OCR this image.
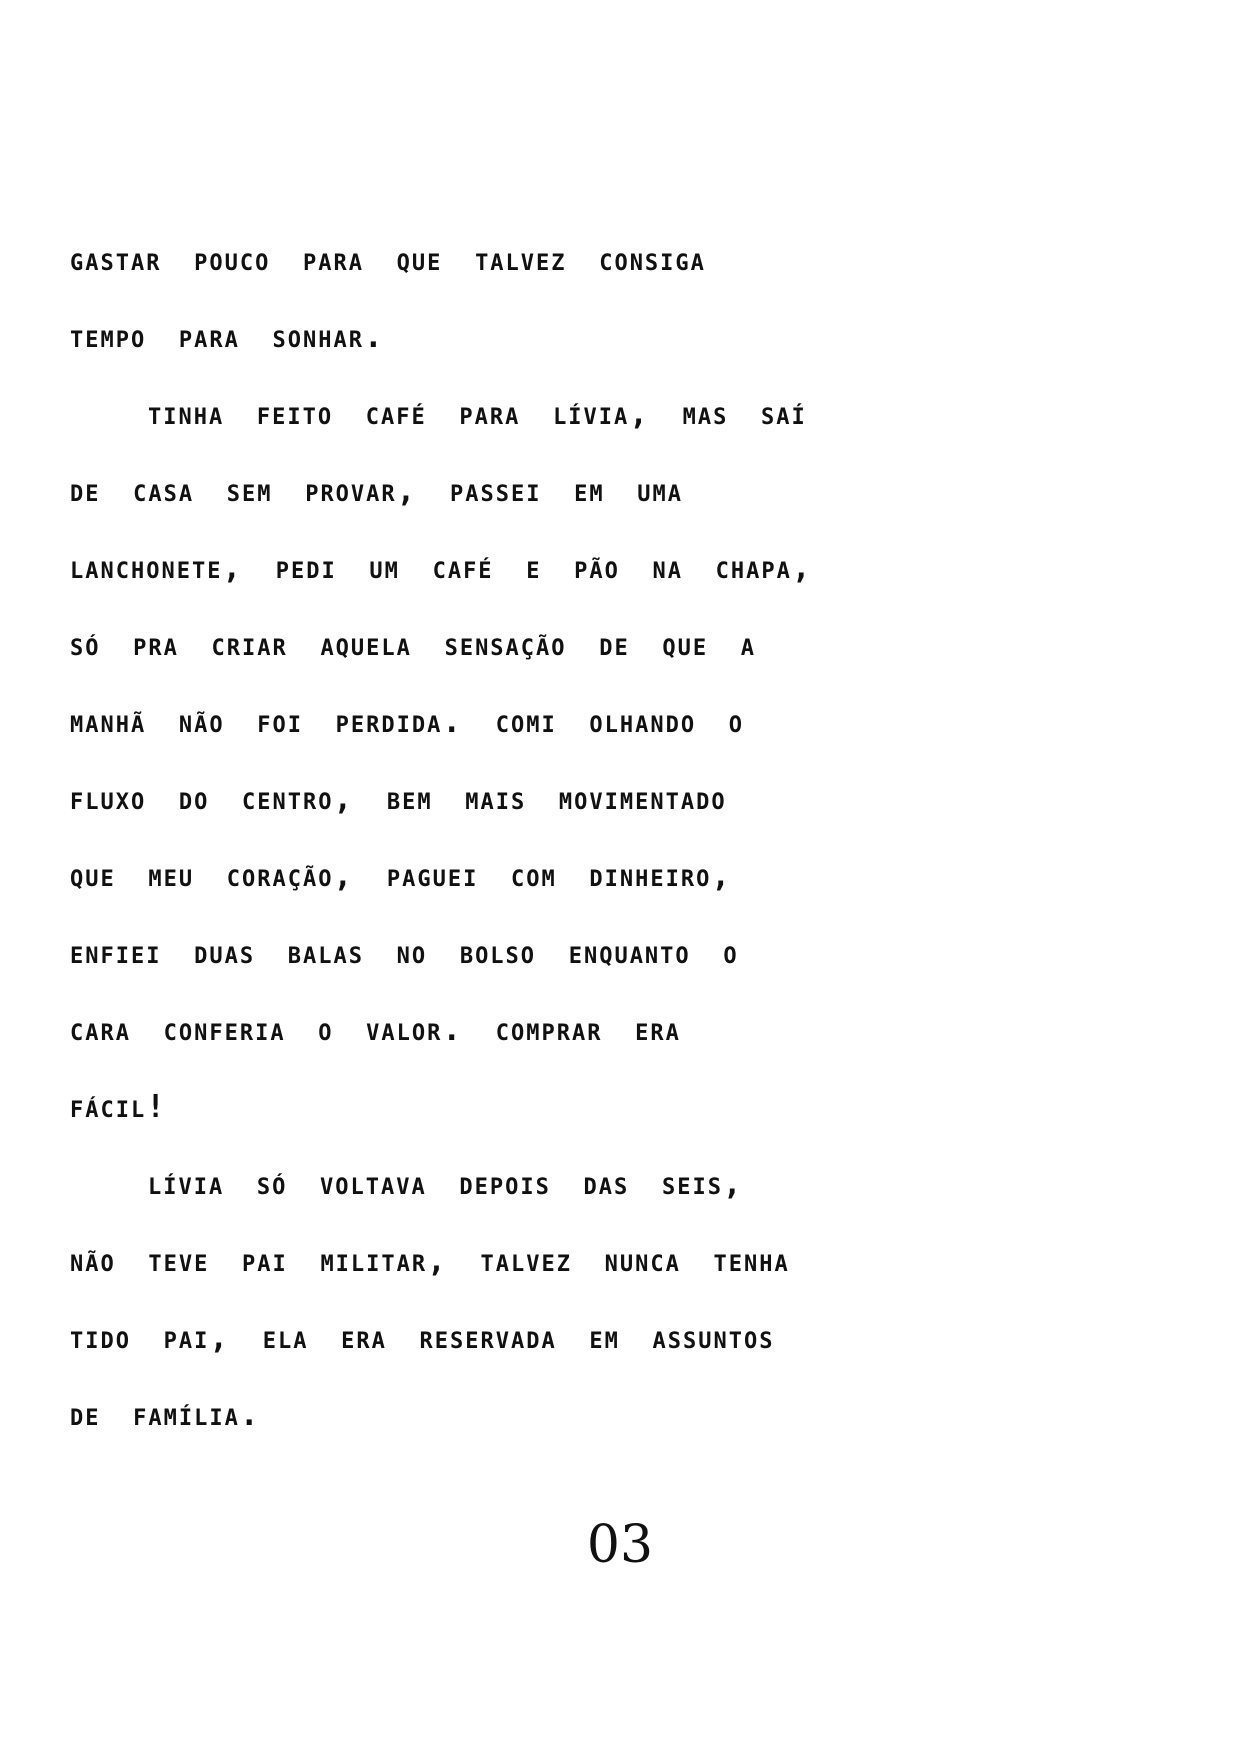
gastar pouco para que talvez consiga
tempo para sonhar.
tinha feito café para lívia, mas saí
de casa sem provar, passei em uma
lanchonete, pedi um café e pão na chapa,
só pra criar aquela sensação de que a
manhã não foi perdida. comi olhando o
fluxo do centro, bem mais movimentado
que meu coração, paguei com dinheiro,
enfiei duas balas no bolso enquanto o
cara conferia o valor. comprar era
fácil!
lívia só voltava depois das seis,
não teve pai militar, talvez nunca tenha
tido pai, ela era reservada em assuntos
de família.
03
